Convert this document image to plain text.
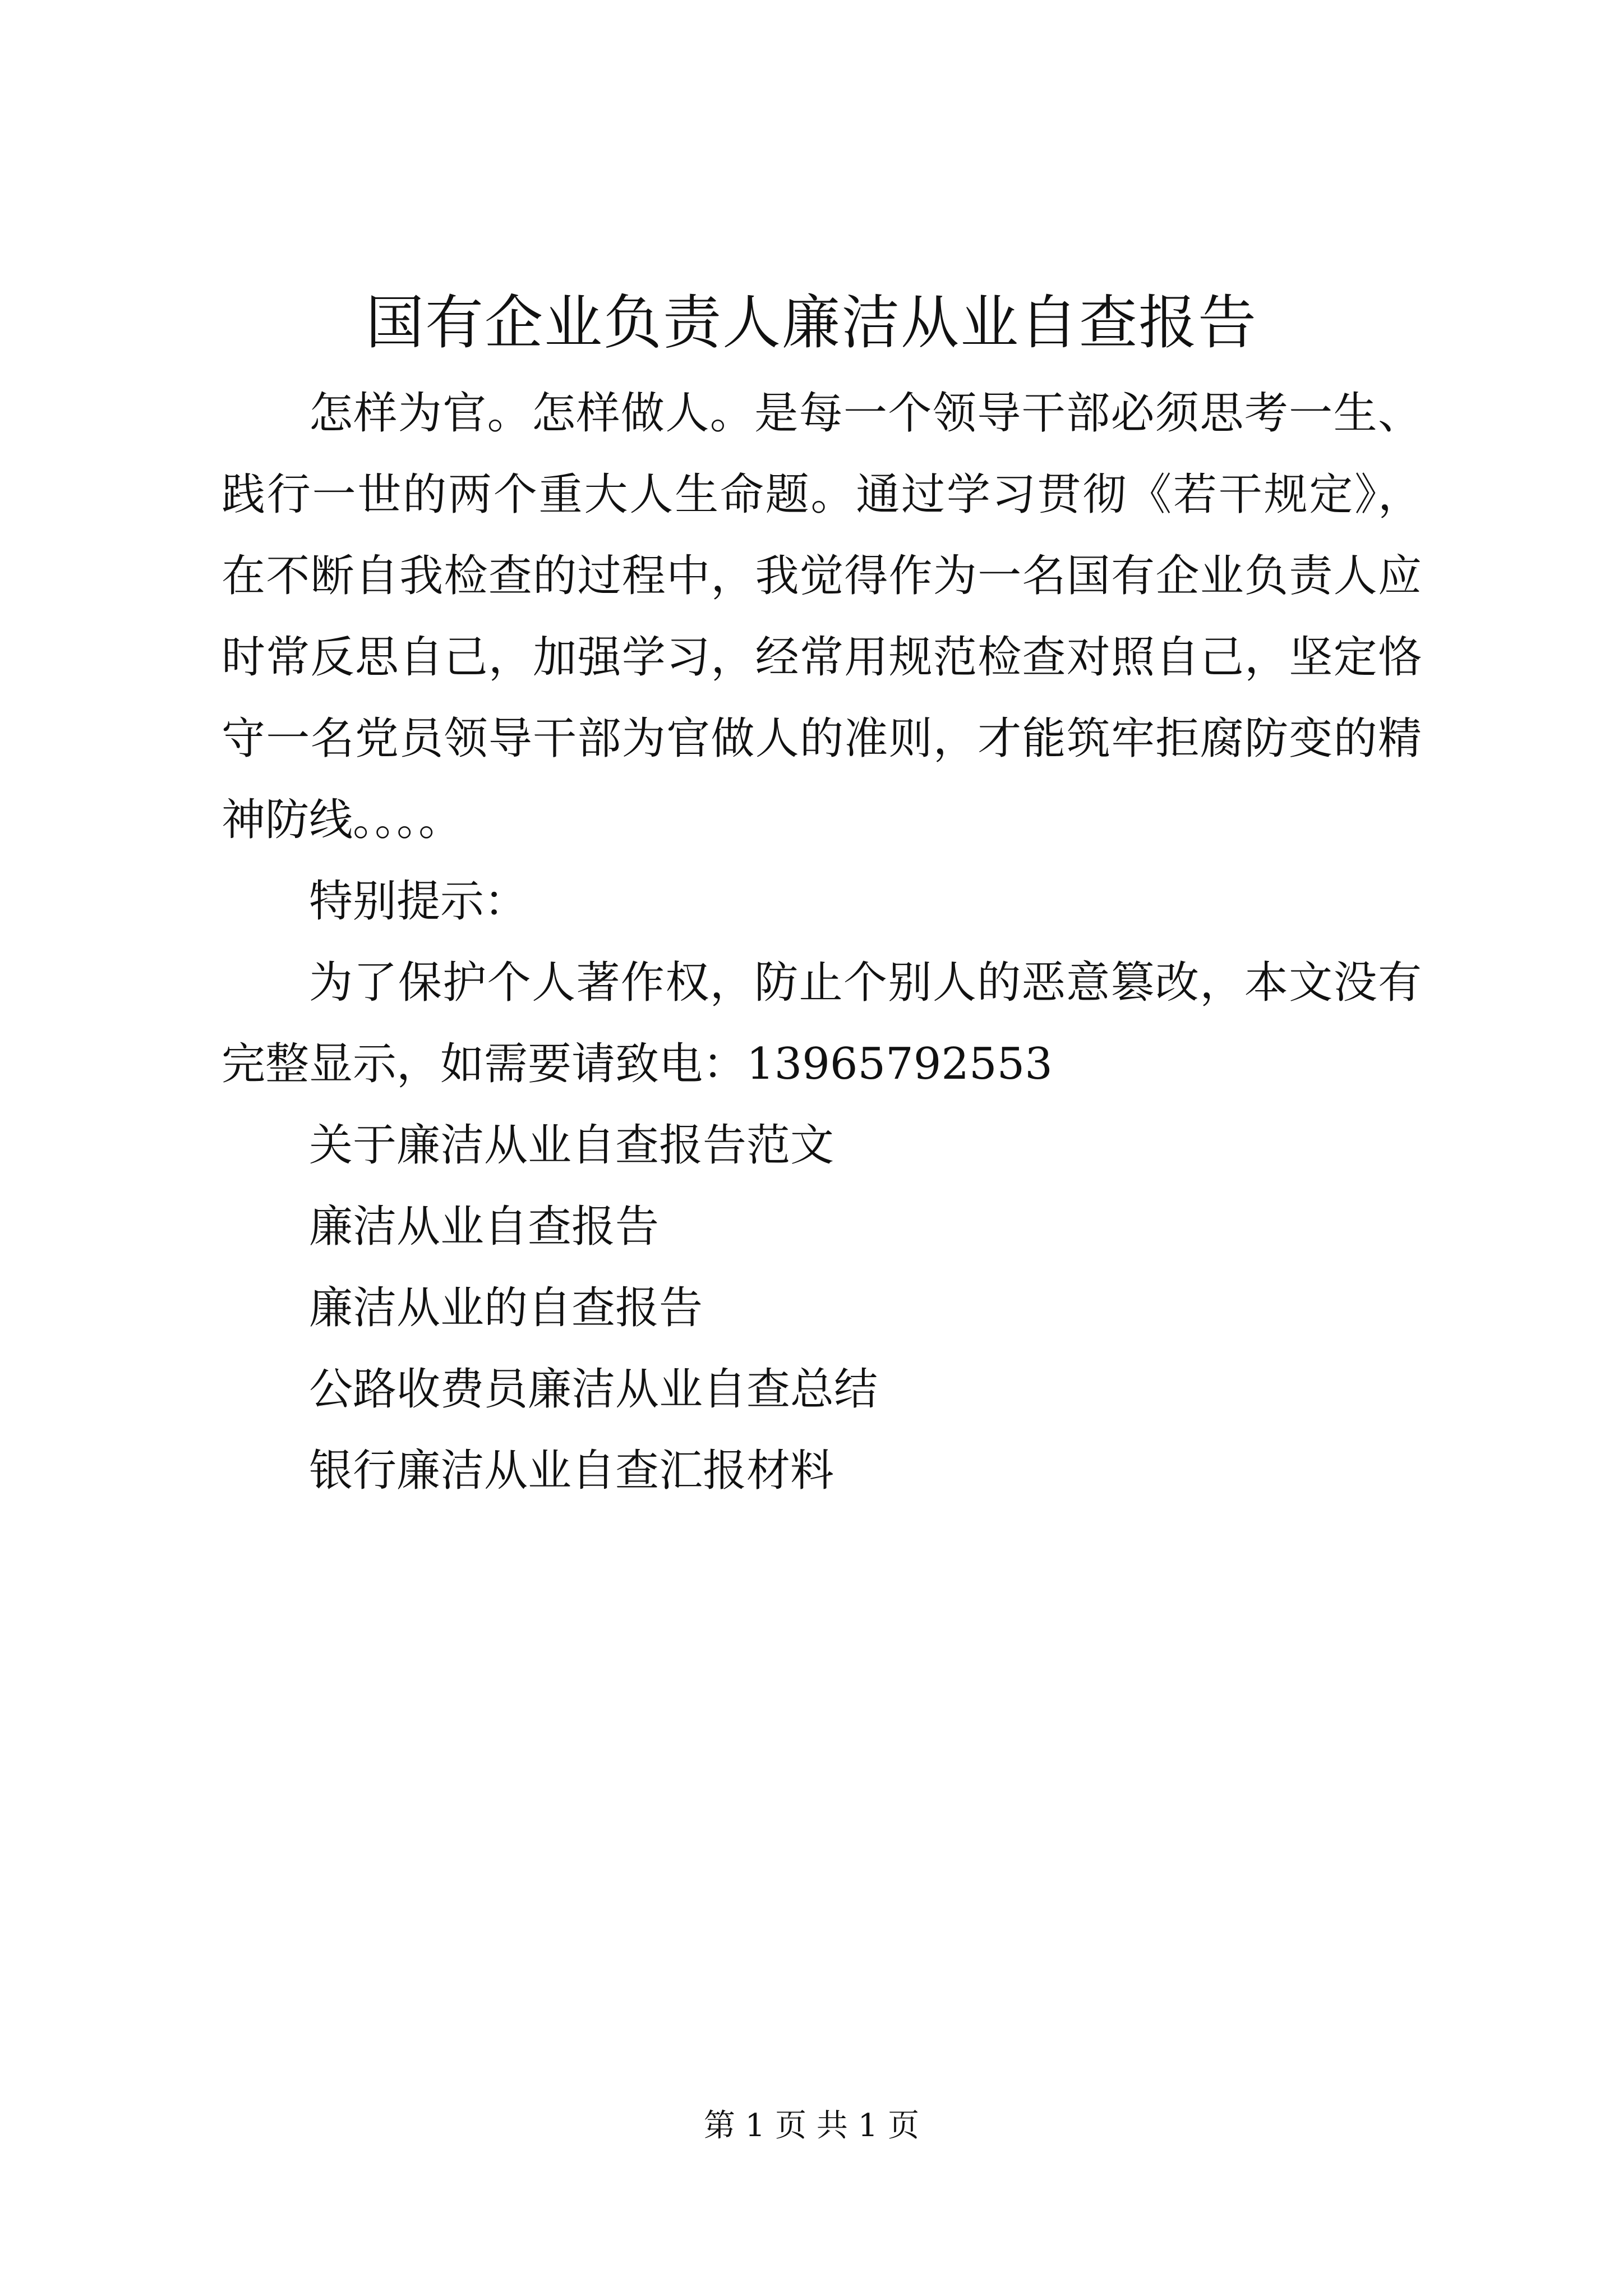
国有企业负责人廉洁从业自查报告

怎样为官。怎样做人。是每一个领导干部必须思考一生、践行一世的两个重大人生命题。通过学习贯彻《若干规定》，在不断自我检查的过程中，我觉得作为一名国有企业负责人应时常反思自己，加强学习，经常用规范检查对照自己，坚定恪守一名党员领导干部为官做人的准则，才能筑牢拒腐防变的精神防线。。。。

特别提示：

为了保护个人著作权，防止个别人的恶意篡改，本文没有完整显示，如需要请致电：13965792553

关于廉洁从业自查报告范文

廉洁从业自查报告

廉洁从业的自查报告

公路收费员廉洁从业自查总结

银行廉洁从业自查汇报材料

第 1 页 共 1 页
